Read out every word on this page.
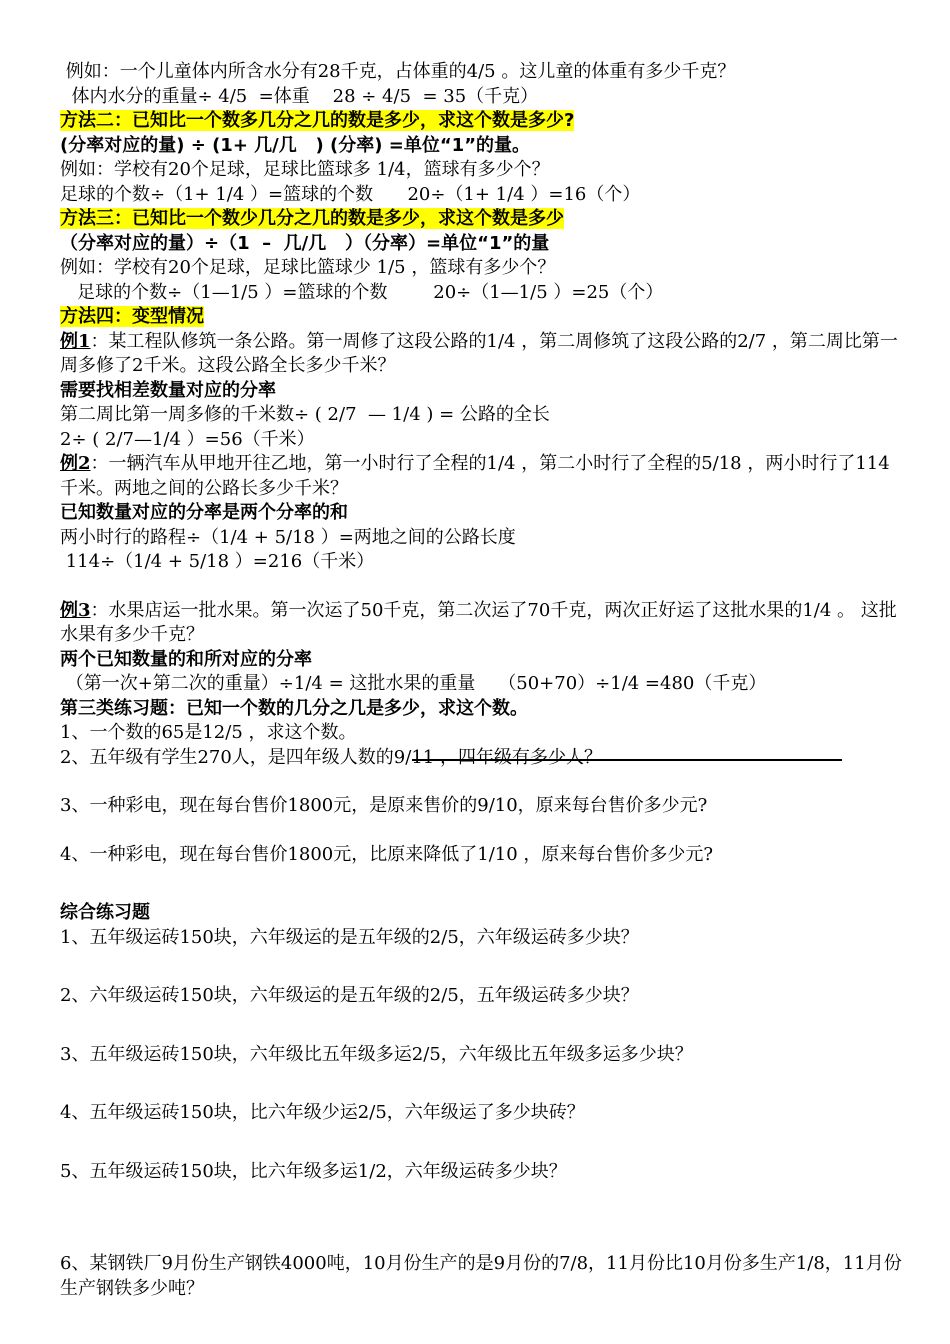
例如：一个儿童体内所含水分有28千克，占体重的4/5 。这儿童的体重有多少千克？

体内水分的重量÷ 4/5  =体重    28 ÷ 4/5  = 35（千克）

方法二：已知比一个数多几分之几的数是多少，求这个数是多少?

(分率对应的量) ÷ (1+ 几/几   ) (分率) =单位“1”的量。

例如：学校有20个足球，足球比篮球多 1/4，篮球有多少个？

足球的个数÷（1+ 1/4 ）=篮球的个数      20÷（1+ 1/4 ）=16（个）

方法三：已知比一个数少几分之几的数是多少，求这个数是多少

（分率对应的量）÷（1  –  几/几   ）（分率）=单位“1”的量

例如：学校有20个足球，足球比篮球少 1/5 ，篮球有多少个？

足球的个数÷（1—1/5 ）=篮球的个数        20÷（1—1/5 ）=25（个）

方法四：变型情况

例1：某工程队修筑一条公路。第一周修了这段公路的1/4 ，第二周修筑了这段公路的2/7 ，第二周比第一周多修了2千米。这段公路全长多少千米？

需要找相差数量对应的分率

第二周比第一周多修的千米数÷ ( 2/7  — 1/4 ) = 公路的全长

2÷ ( 2/7—1/4 ）=56（千米）

例2：一辆汽车从甲地开往乙地，第一小时行了全程的1/4 ，第二小时行了全程的5/18 ，两小时行了114 千米。两地之间的公路长多少千米？

已知数量对应的分率是两个分率的和

两小时行的路程÷（1/4 + 5/18 ）=两地之间的公路长度

114÷（1/4 + 5/18 ）=216（千米）

例3：水果店运一批水果。第一次运了50千克，第二次运了70千克，两次正好运了这批水果的1/4 。 这批水果有多少千克？

两个已知数量的和所对应的分率

（第一次+第二次的重量）÷1/4 = 这批水果的重量    （50+70）÷1/4 =480（千克）

第三类练习题：已知一个数的几分之几是多少，求这个数。

1、一个数的65是12/5 ，求这个数。

2、五年级有学生270人，是四年级人数的9/11 ，四年级有多少人？

3、一种彩电，现在每台售价1800元，是原来售价的9/10，原来每台售价多少元?

4、一种彩电，现在每台售价1800元，比原来降低了1/10 ，原来每台售价多少元?

综合练习题

1、五年级运砖150块，六年级运的是五年级的2/5，六年级运砖多少块？

2、六年级运砖150块，六年级运的是五年级的2/5，五年级运砖多少块？

3、五年级运砖150块，六年级比五年级多运2/5，六年级比五年级多运多少块？

4、五年级运砖150块，比六年级少运2/5，六年级运了多少块砖？

5、五年级运砖150块，比六年级多运1/2，六年级运砖多少块？

6、某钢铁厂9月份生产钢铁4000吨，10月份生产的是9月份的7/8，11月份比10月份多生产1/8，11月份生产钢铁多少吨？
